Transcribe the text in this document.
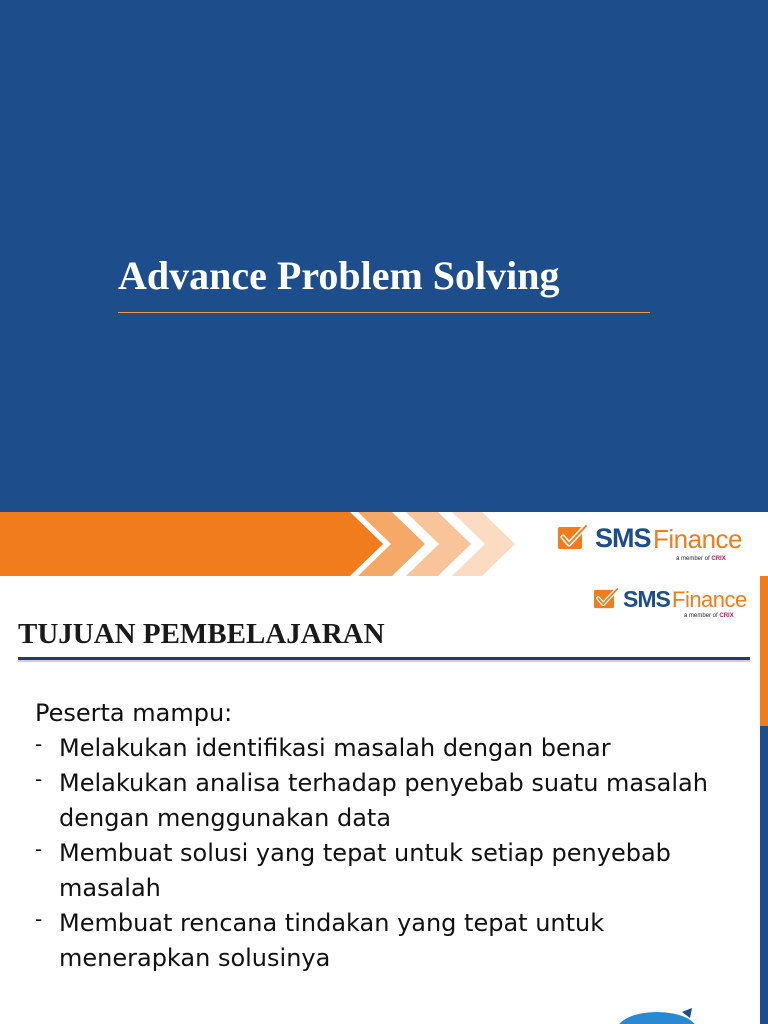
Advance Problem Solving
SMS Finance
a member of CRIX
SMS Finance
a member of CRIX
TUJUAN PEMBELAJARAN
Peserta mampu:
- Melakukan identifikasi masalah dengan benar
- Melakukan analisa terhadap penyebab suatu masalah dengan menggunakan data
- Membuat solusi yang tepat untuk setiap penyebab masalah
- Membuat rencana tindakan yang tepat untuk menerapkan solusinya
